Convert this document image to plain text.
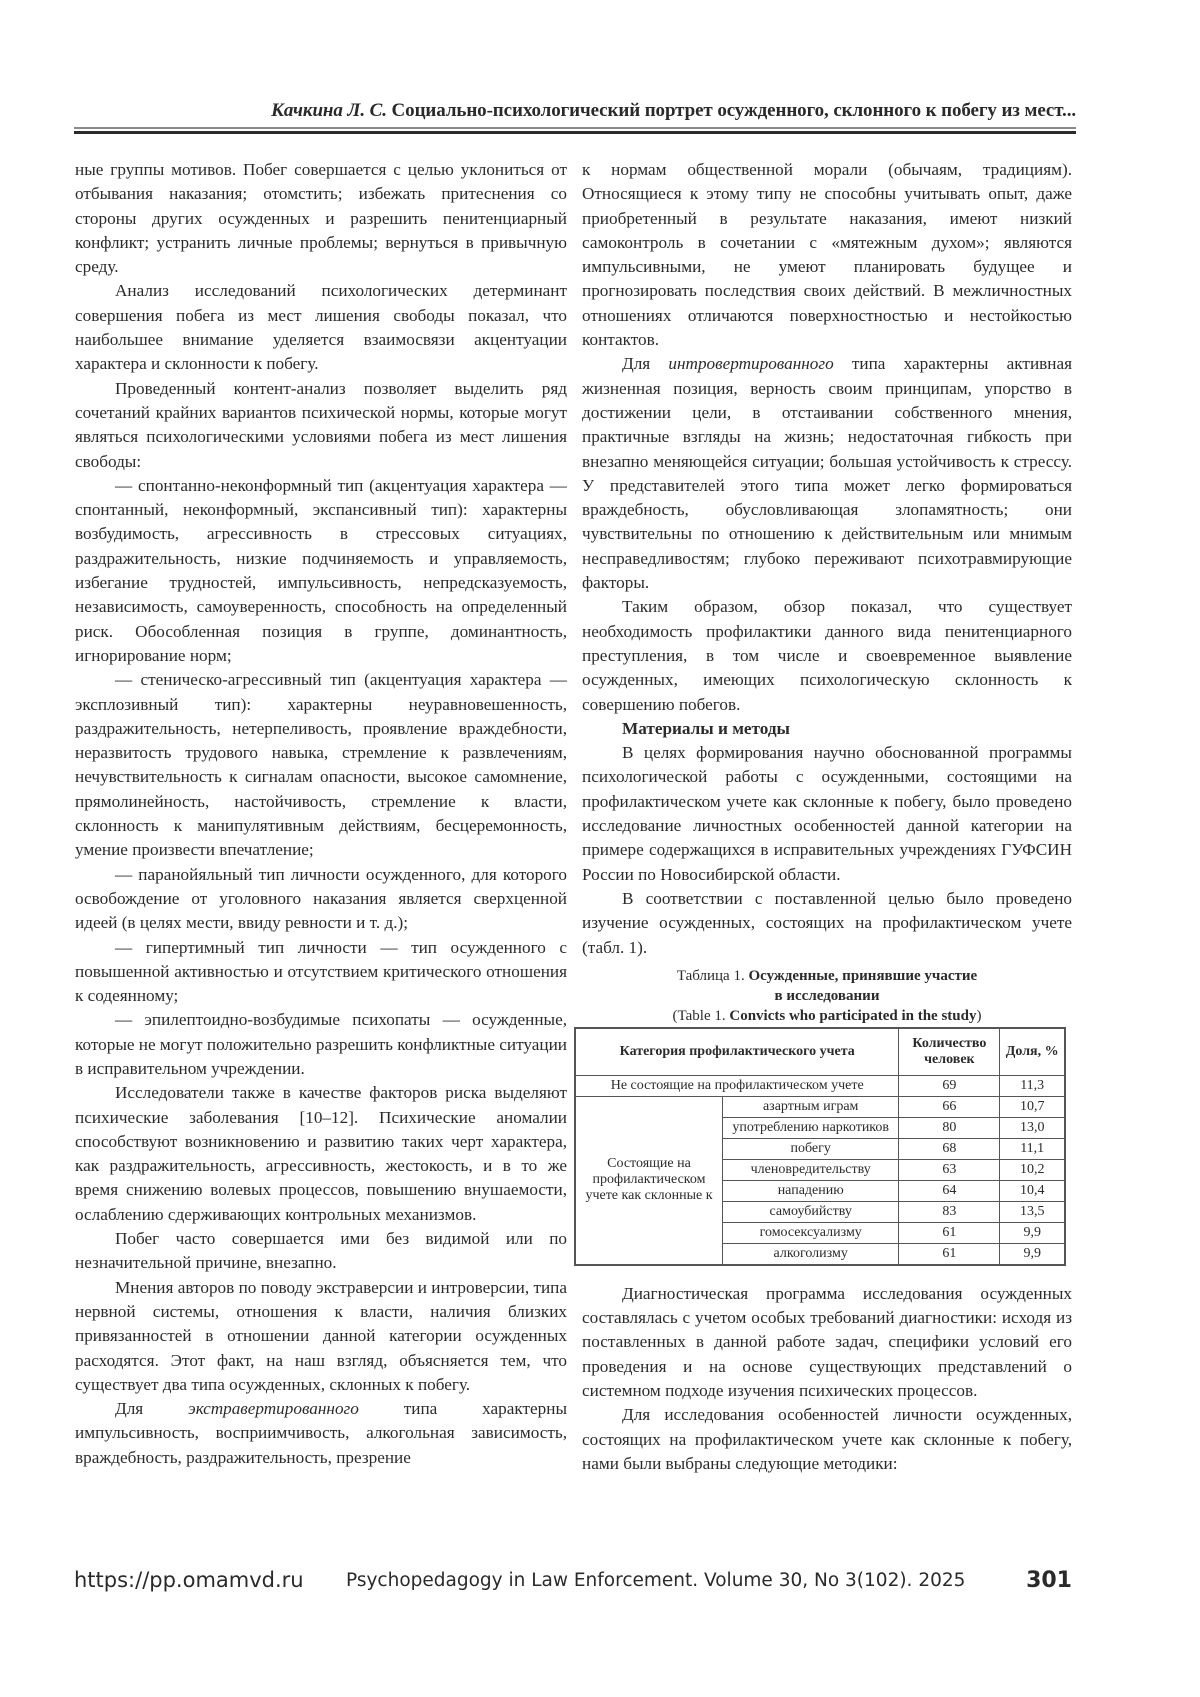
Качкина Л. С. Социально-психологический портрет осужденного, склонного к побегу из мест...

ные группы мотивов. Побег совершается с целью уклониться от отбывания наказания; отомстить; избежать притеснения со стороны других осужденных и разрешить пенитенциарный конфликт; устранить личные проблемы; вернуться в привычную среду.

Анализ исследований психологических детерминант совершения побега из мест лишения свободы показал, что наибольшее внимание уделяется взаимосвязи акцентуации характера и склонности к побегу.

Проведенный контент-анализ позволяет выделить ряд сочетаний крайних вариантов психической нормы, которые могут являться психологическими условиями побега из мест лишения свободы:

— спонтанно-неконформный тип (акцентуация характера — спонтанный, неконформный, экспансивный тип): характерны возбудимость, агрессивность в стрессовых ситуациях, раздражительность, низкие подчиняемость и управляемость, избегание трудностей, импульсивность, непредсказуемость, независимость, самоуверенность, способность на определенный риск. Обособленная позиция в группе, доминантность, игнорирование норм;

— стеническо-агрессивный тип (акцентуация характера — эксплозивный тип): характерны неуравновешенность, раздражительность, нетерпеливость, проявление враждебности, неразвитость трудового навыка, стремление к развлечениям, нечувствительность к сигналам опасности, высокое самомнение, прямолинейность, настойчивость, стремление к власти, склонность к манипулятивным действиям, бесцеремонность, умение произвести впечатление;

— паранойяльный тип личности осужденного, для которого освобождение от уголовного наказания является сверхценной идеей (в целях мести, ввиду ревности и т. д.);

— гипертимный тип личности — тип осужденного с повышенной активностью и отсутствием критического отношения к содеянному;

— эпилептоидно-возбудимые психопаты — осужденные, которые не могут положительно разрешить конфликтные ситуации в исправительном учреждении.

Исследователи также в качестве факторов риска выделяют психические заболевания [10–12]. Психические аномалии способствуют возникновению и развитию таких черт характера, как раздражительность, агрессивность, жестокость, и в то же время снижению волевых процессов, повышению внушаемости, ослаблению сдерживающих контрольных механизмов.

Побег часто совершается ими без видимой или по незначительной причине, внезапно.

Мнения авторов по поводу экстраверсии и интроверсии, типа нервной системы, отношения к власти, наличия близких привязанностей в отношении данной категории осужденных расходятся. Этот факт, на наш взгляд, объясняется тем, что существует два типа осужденных, склонных к побегу.

Для экстравертированного типа характерны импульсивность, восприимчивость, алкогольная зависимость, враждебность, раздражительность, презрение

к нормам общественной морали (обычаям, традициям). Относящиеся к этому типу не способны учитывать опыт, даже приобретенный в результате наказания, имеют низкий самоконтроль в сочетании с «мятежным духом»; являются импульсивными, не умеют планировать будущее и прогнозировать последствия своих действий. В межличностных отношениях отличаются поверхностностью и нестойкостью контактов.

Для интровертированного типа характерны активная жизненная позиция, верность своим принципам, упорство в достижении цели, в отстаивании собственного мнения, практичные взгляды на жизнь; недостаточная гибкость при внезапно меняющейся ситуации; большая устойчивость к стрессу. У представителей этого типа может легко формироваться враждебность, обусловливающая злопамятность; они чувствительны по отношению к действительным или мнимым несправедливостям; глубоко переживают психотравмирующие факторы.

Таким образом, обзор показал, что существует необходимость профилактики данного вида пенитенциарного преступления, в том числе и своевременное выявление осужденных, имеющих психологическую склонность к совершению побегов.

Материалы и методы

В целях формирования научно обоснованной программы психологической работы с осужденными, состоящими на профилактическом учете как склонные к побегу, было проведено исследование личностных особенностей данной категории на примере содержащихся в исправительных учреждениях ГУФСИН России по Новосибирской области.

В соответствии с поставленной целью было проведено изучение осужденных, состоящих на профилактическом учете (табл. 1).

Таблица 1. Осужденные, принявшие участие
в исследовании
(Table 1. Convicts who participated in the study)
Категория профилактического учета		Количество человек	Доля, %
Не состоящие на профилактическом учете		69	11,3
Состоящие на профилактическом учете как склонные к	азартным играм	66	10,7
	употреблению наркотиков	80	13,0
	побегу	68	11,1
	членовредительству	63	10,2
	нападению	64	10,4
	самоубийству	83	13,5
	гомосексуализму	61	9,9
	алкоголизму	61	9,9

Диагностическая программа исследования осужденных составлялась с учетом особых требований диагностики: исходя из поставленных в данной работе задач, специфики условий его проведения и на основе существующих представлений о системном подходе изучения психических процессов.

Для исследования особенностей личности осужденных, состоящих на профилактическом учете как склонные к побегу, нами были выбраны следующие методики:

https://pp.omamvd.ru Psychopedagogy in Law Enforcement. Volume 30, No 3(102). 2025	301
